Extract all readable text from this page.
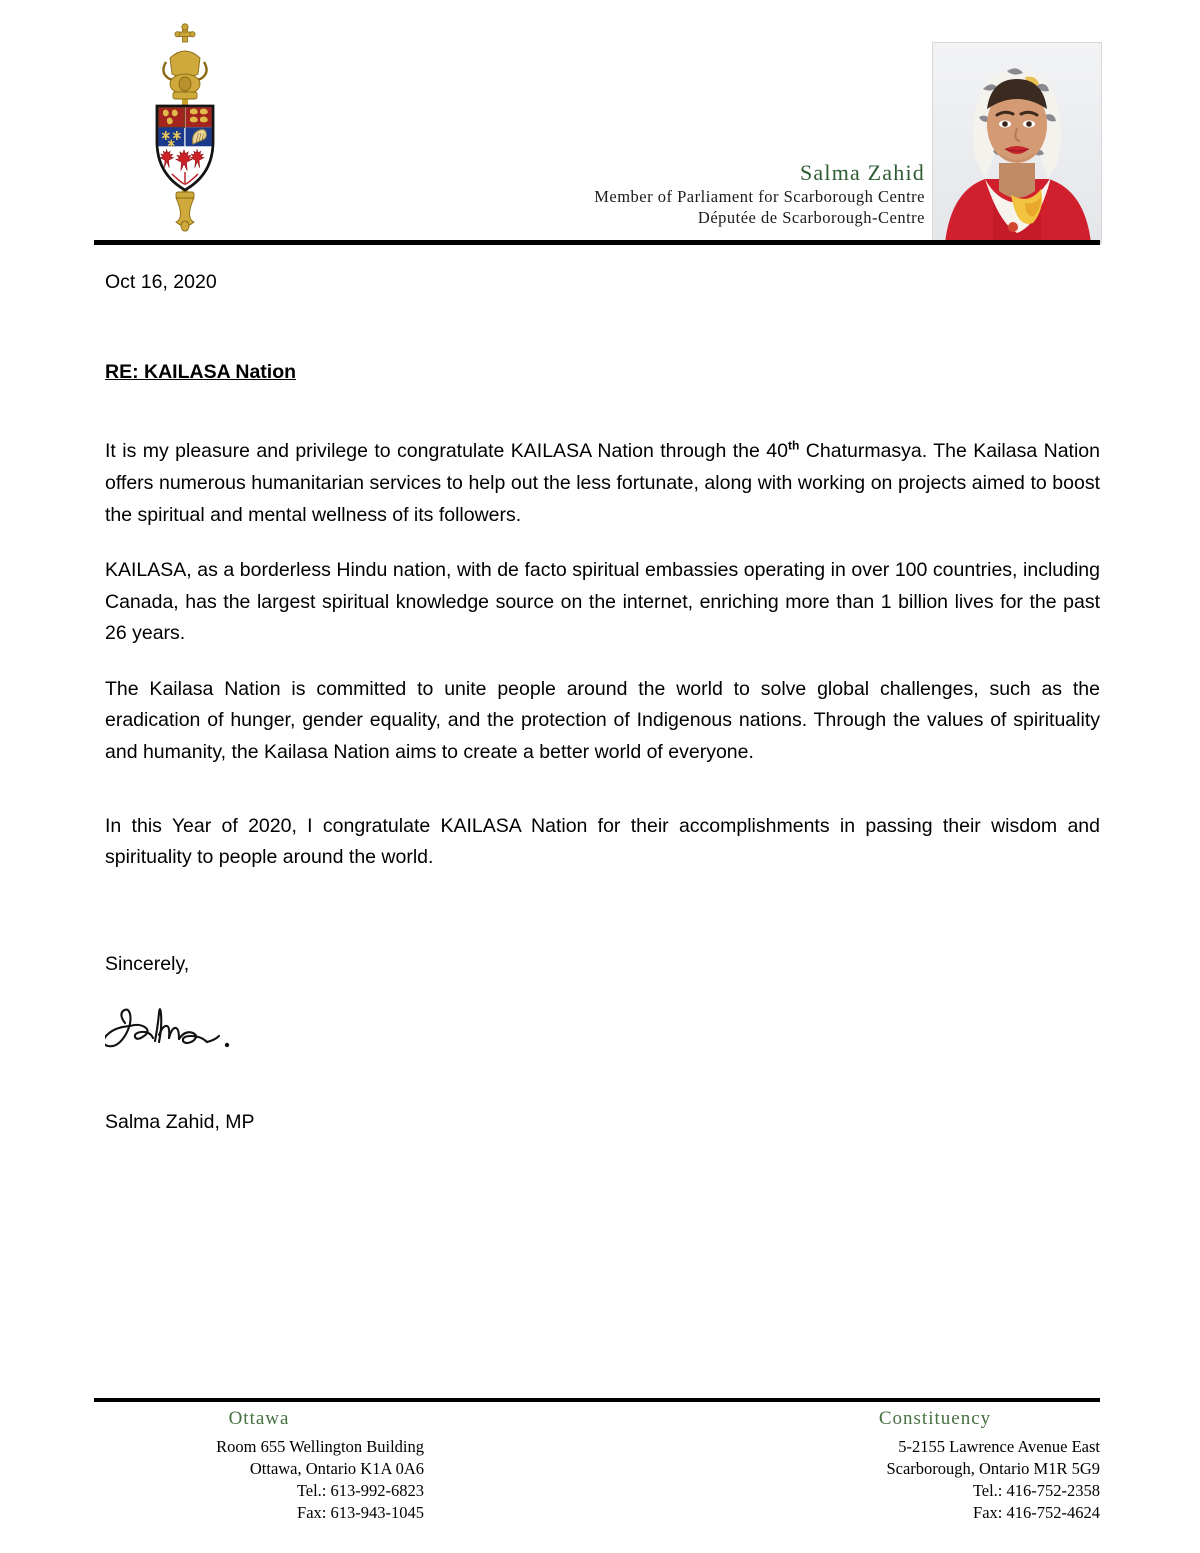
Salma Zahid
Member of Parliament for Scarborough Centre
Députée de Scarborough-Centre
Oct 16, 2020
RE: KAILASA Nation

It is my pleasure and privilege to congratulate KAILASA Nation through the 40th Chaturmasya. The Kailasa Nation offers numerous humanitarian services to help out the less fortunate, along with working on projects aimed to boost the spiritual and mental wellness of its followers.

KAILASA, as a borderless Hindu nation, with de facto spiritual embassies operating in over 100 countries, including Canada, has the largest spiritual knowledge source on the internet, enriching more than 1 billion lives for the past 26 years.

The Kailasa Nation is committed to unite people around the world to solve global challenges, such as the eradication of hunger, gender equality, and the protection of Indigenous nations. Through the values of spirituality and humanity, the Kailasa Nation aims to create a better world of everyone.

In this Year of 2020, I congratulate KAILASA Nation for their accomplishments in passing their wisdom and spirituality to people around the world.

Sincerely,
Salma Zahid, MP
Ottawa
Room 655 Wellington Building
Ottawa, Ontario K1A 0A6
Tel.: 613-992-6823
Fax: 613-943-1045
Constituency
5-2155 Lawrence Avenue East
Scarborough, Ontario M1R 5G9
Tel.: 416-752-2358
Fax: 416-752-4624
